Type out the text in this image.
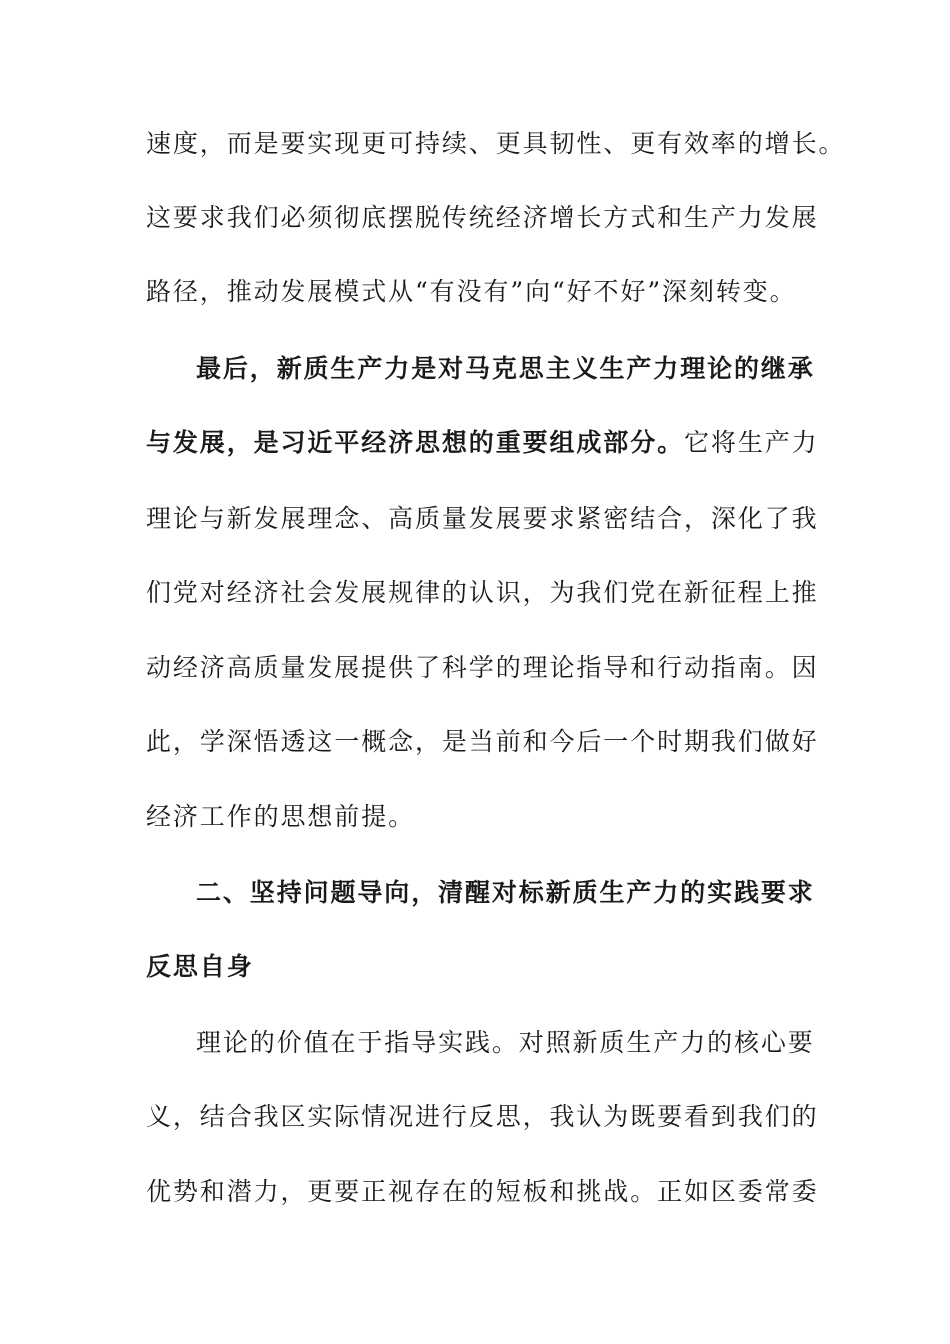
速度，而是要实现更可持续、更具韧性、更有效率的增长。
这要求我们必须彻底摆脱传统经济增长方式和生产力发展
路径，推动发展模式从“有没有”向“好不好”深刻转变。
最后，新质生产力是对马克思主义生产力理论的继承
与发展，是习近平经济思想的重要组成部分。它将生产力
理论与新发展理念、高质量发展要求紧密结合，深化了我
们党对经济社会发展规律的认识，为我们党在新征程上推
动经济高质量发展提供了科学的理论指导和行动指南。因
此，学深悟透这一概念，是当前和今后一个时期我们做好
经济工作的思想前提。
二、坚持问题导向，清醒对标新质生产力的实践要求
反思自身
理论的价值在于指导实践。对照新质生产力的核心要
义，结合我区实际情况进行反思，我认为既要看到我们的
优势和潜力，更要正视存在的短板和挑战。正如区委常委
